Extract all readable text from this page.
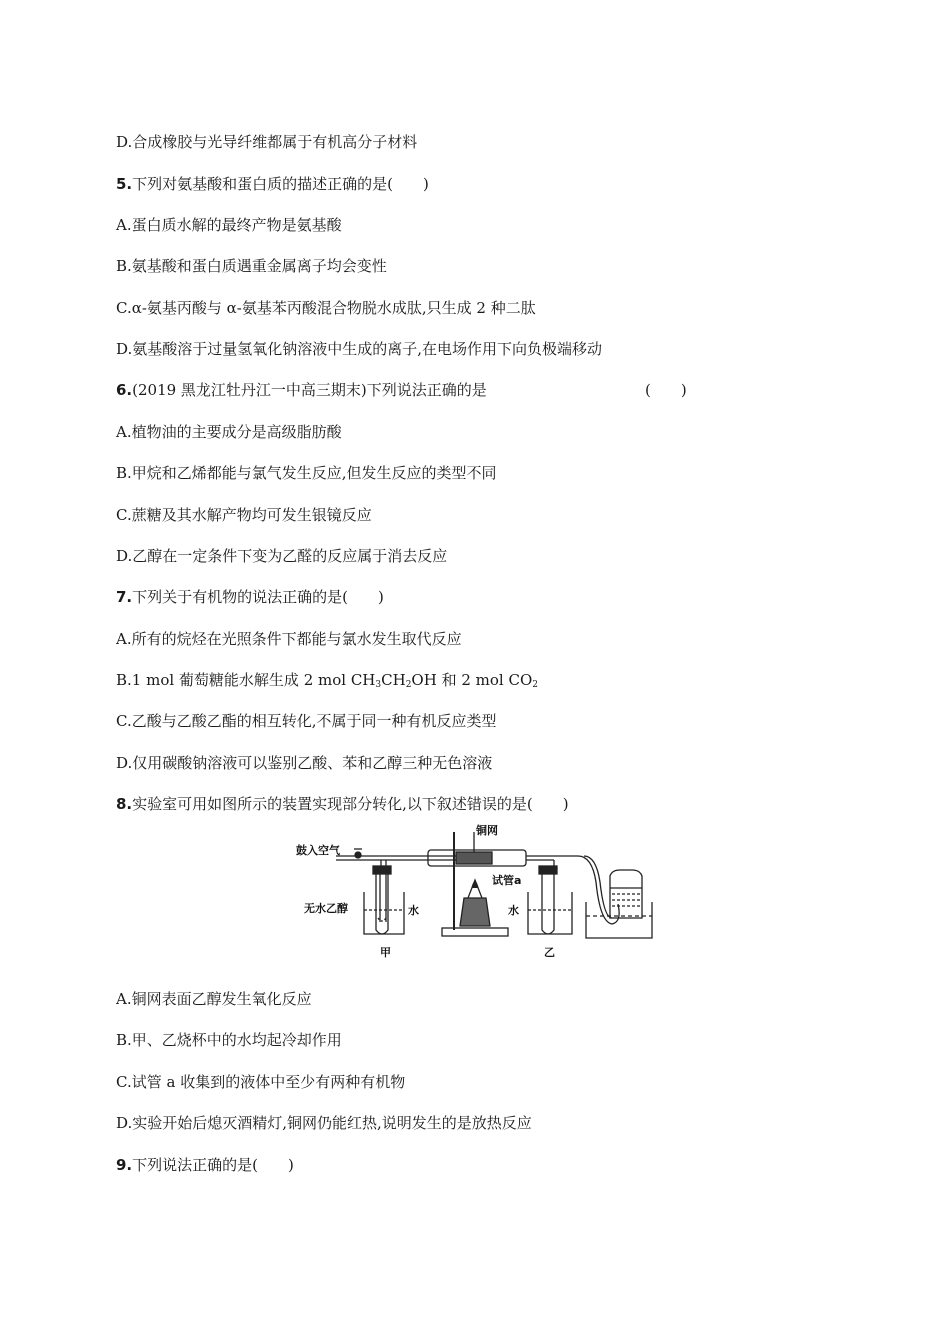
D.合成橡胶与光导纤维都属于有机高分子材料
5.下列对氨基酸和蛋白质的描述正确的是(　　)
A.蛋白质水解的最终产物是氨基酸
B.氨基酸和蛋白质遇重金属离子均会变性
C.α-氨基丙酸与 α-氨基苯丙酸混合物脱水成肽,只生成 2 种二肽
D.氨基酸溶于过量氢氧化钠溶液中生成的离子,在电场作用下向负极端移动
6.(2019 黑龙江牡丹江一中高三期末)下列说法正确的是	(　　)
A.植物油的主要成分是高级脂肪酸
B.甲烷和乙烯都能与氯气发生反应,但发生反应的类型不同
C.蔗糖及其水解产物均可发生银镜反应
D.乙醇在一定条件下变为乙醛的反应属于消去反应
7.下列关于有机物的说法正确的是(　　)
A.所有的烷烃在光照条件下都能与氯水发生取代反应
B.1 mol 葡萄糖能水解生成 2 mol $CH_3CH_2OH$ 和 2 mol $CO_2$
C.乙酸与乙酸乙酯的相互转化,不属于同一种有机反应类型
D.仅用碳酸钠溶液可以鉴别乙酸、苯和乙醇三种无色溶液
8.实验室可用如图所示的装置实现部分转化,以下叙述错误的是(　　)
鼓入空气
铜网
试管a
无水乙醇	水	水
甲	乙
A.铜网表面乙醇发生氧化反应
B.甲、乙烧杯中的水均起冷却作用
C.试管 a 收集到的液体中至少有两种有机物
D.实验开始后熄灭酒精灯,铜网仍能红热,说明发生的是放热反应
9.下列说法正确的是(　　)
